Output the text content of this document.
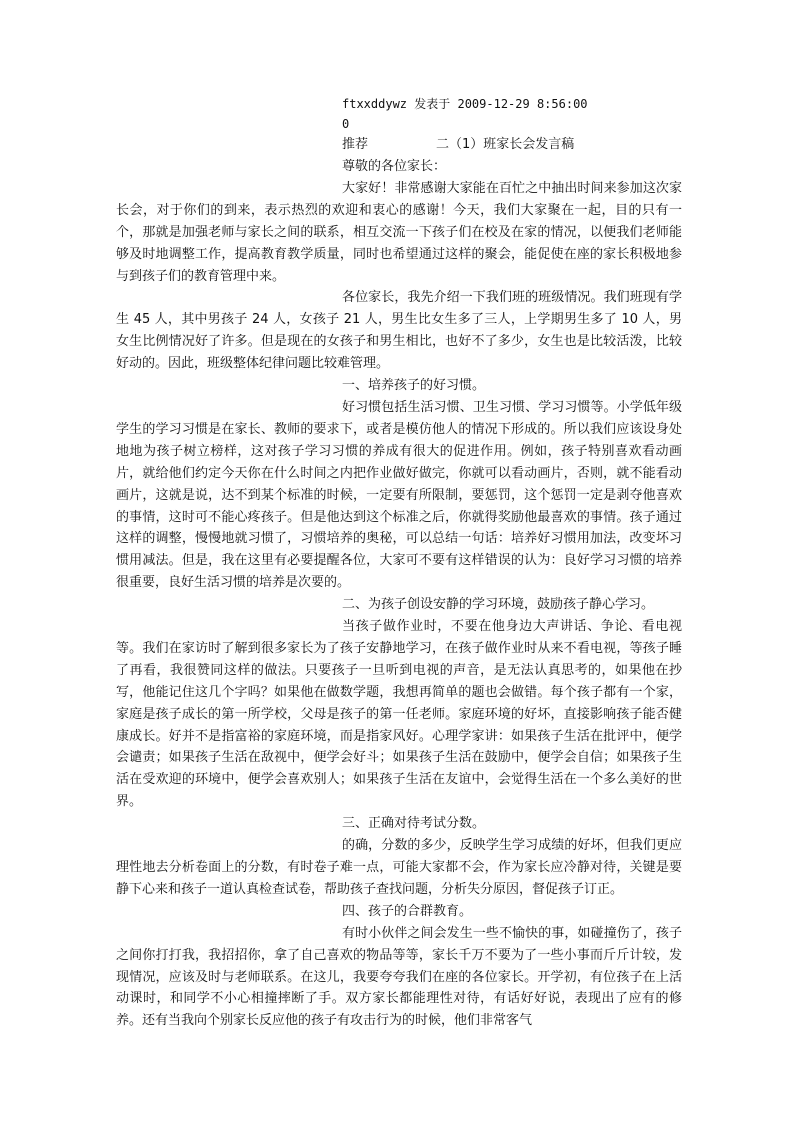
ftxxddywz 发表于 2009-12-29 8:56:00
0
推荐	二（1）班家长会发言稿

尊敬的各位家长：

大家好！非常感谢大家能在百忙之中抽出时间来参加这次家长会，对于你们的到来，表示热烈的欢迎和衷心的感谢！今天，我们大家聚在一起，目的只有一个，那就是加强老师与家长之间的联系，相互交流一下孩子们在校及在家的情况，以便我们老师能够及时地调整工作，提高教育教学质量，同时也希望通过这样的聚会，能促使在座的家长积极地参与到孩子们的教育管理中来。

各位家长，我先介绍一下我们班的班级情况。我们班现有学生 45 人，其中男孩子 24 人，女孩子 21 人，男生比女生多了三人，上学期男生多了 10 人，男女生比例情况好了许多。但是现在的女孩子和男生相比，也好不了多少，女生也是比较活泼，比较好动的。因此，班级整体纪律问题比较难管理。

一、培养孩子的好习惯。

好习惯包括生活习惯、卫生习惯、学习习惯等。小学低年级学生的学习习惯是在家长、教师的要求下，或者是模仿他人的情况下形成的。所以我们应该设身处地地为孩子树立榜样，这对孩子学习习惯的养成有很大的促进作用。例如，孩子特别喜欢看动画片，就给他们约定今天你在什么时间之内把作业做好做完，你就可以看动画片，否则，就不能看动画片，这就是说，达不到某个标准的时候，一定要有所限制，要惩罚，这个惩罚一定是剥夺他喜欢的事情，这时可不能心疼孩子。但是他达到这个标准之后，你就得奖励他最喜欢的事情。孩子通过这样的调整，慢慢地就习惯了，习惯培养的奥秘，可以总结一句话：培养好习惯用加法，改变坏习惯用减法。但是，我在这里有必要提醒各位，大家可不要有这样错误的认为：良好学习习惯的培养很重要，良好生活习惯的培养是次要的。

二、为孩子创设安静的学习环境，鼓励孩子静心学习。

当孩子做作业时，不要在他身边大声讲话、争论、看电视等。我们在家访时了解到很多家长为了孩子安静地学习，在孩子做作业时从来不看电视，等孩子睡了再看，我很赞同这样的做法。只要孩子一旦听到电视的声音，是无法认真思考的，如果他在抄写，他能记住这几个字吗？如果他在做数学题，我想再简单的题也会做错。每个孩子都有一个家，家庭是孩子成长的第一所学校，父母是孩子的第一任老师。家庭环境的好坏，直接影响孩子能否健康成长。好并不是指富裕的家庭环境，而是指家风好。心理学家讲：如果孩子生活在批评中，便学会谴责；如果孩子生活在敌视中，便学会好斗；如果孩子生活在鼓励中，便学会自信；如果孩子生活在受欢迎的环境中，便学会喜欢别人；如果孩子生活在友谊中，会觉得生活在一个多么美好的世界。

三、正确对待考试分数。

的确，分数的多少，反映学生学习成绩的好坏，但我们更应理性地去分析卷面上的分数，有时卷子难一点，可能大家都不会，作为家长应冷静对待，关键是要静下心来和孩子一道认真检查试卷，帮助孩子查找问题，分析失分原因，督促孩子订正。

四、孩子的合群教育。

有时小伙伴之间会发生一些不愉快的事，如碰撞伤了，孩子之间你打打我，我招招你，拿了自己喜欢的物品等等，家长千万不要为了一些小事而斤斤计较，发现情况，应该及时与老师联系。在这儿，我要夸夸我们在座的各位家长。开学初，有位孩子在上活动课时，和同学不小心相撞摔断了手。双方家长都能理性对待，有话好好说，表现出了应有的修养。还有当我向个别家长反应他的孩子有攻击行为的时候，他们非常客气
